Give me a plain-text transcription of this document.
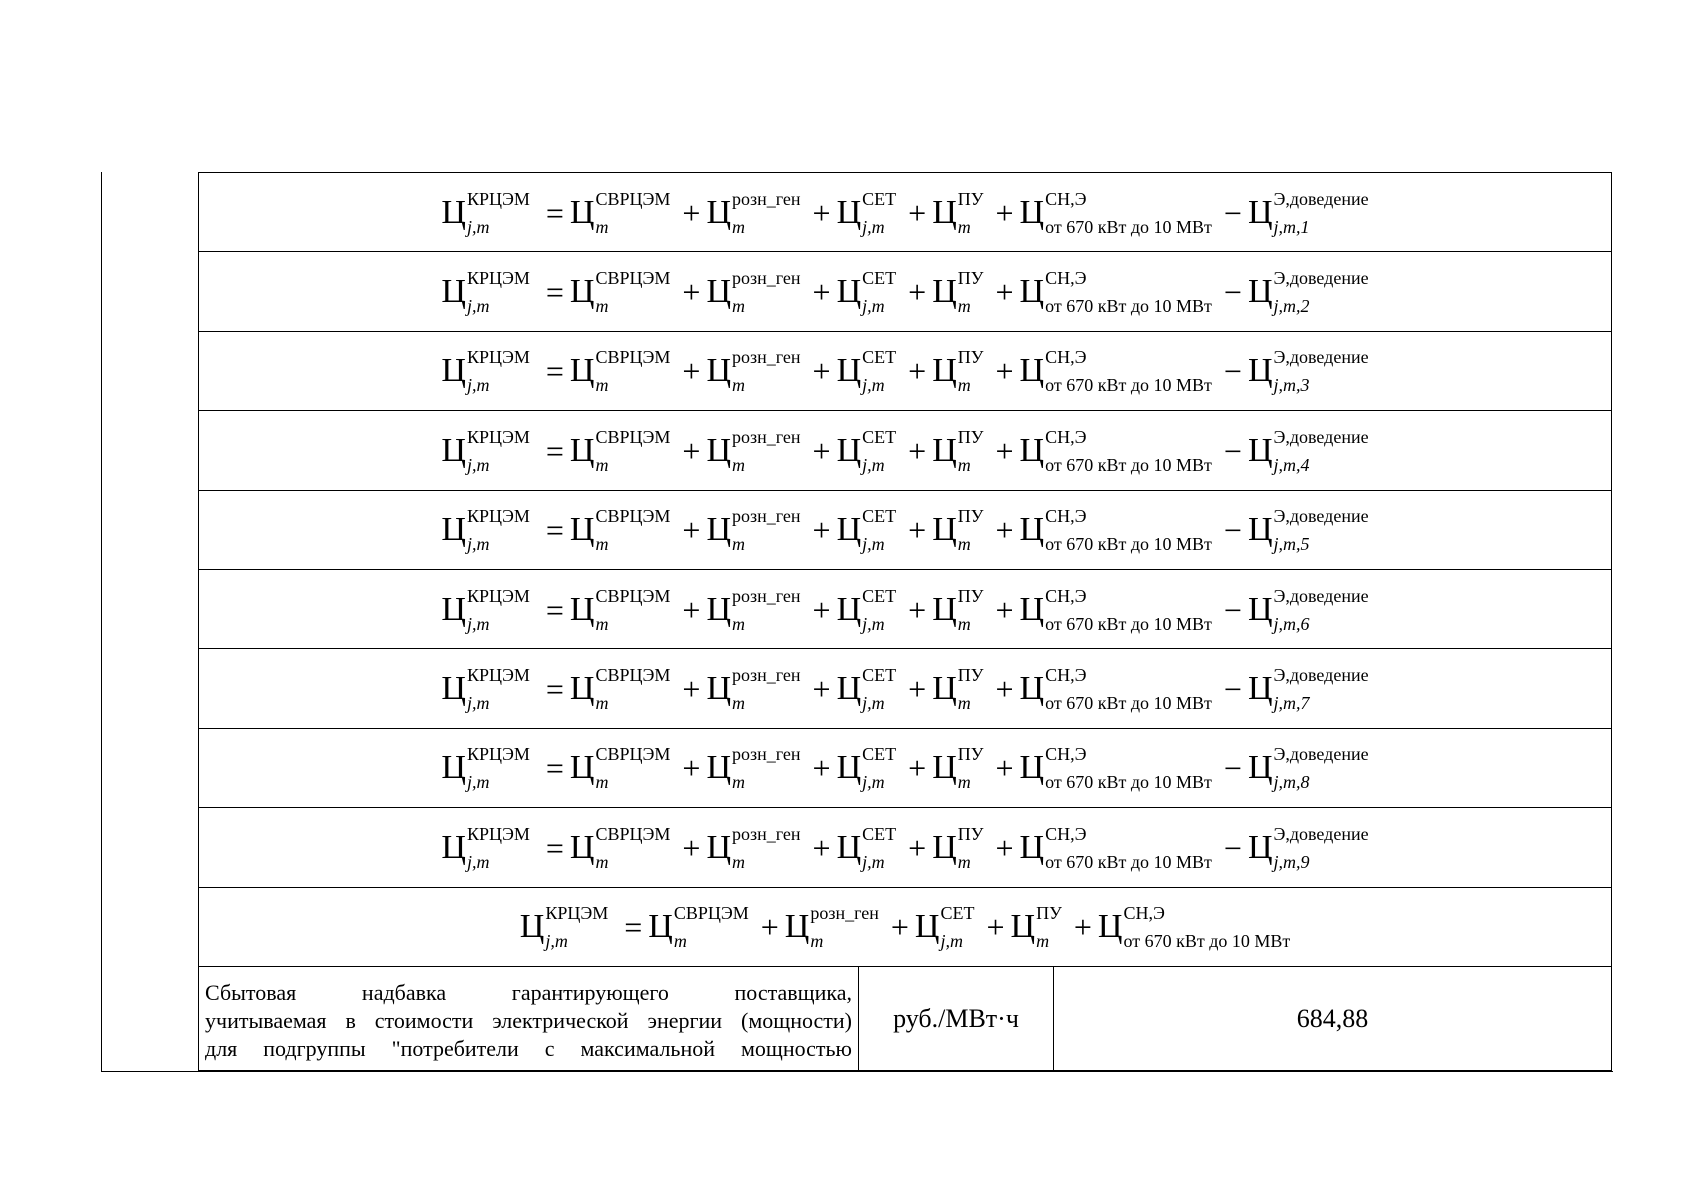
Ц КРЦЭМ
j,m	= Ц СВРЦЭМ
m	+ Ц розн_ген
m	+ Ц СЕТ
j,m + Ц ПУ
m + Ц СН,Э
от 670 кВт до 10 МВт − Ц Э,доведение
j,m,1
Ц КРЦЭМ
j,m	= Ц СВРЦЭМ
m	+ Ц розн_ген
m	+ Ц СЕТ
j,m + Ц ПУ
m + Ц СН,Э
от 670 кВт до 10 МВт − Ц Э,доведение
j,m,2
Ц КРЦЭМ
j,m	= Ц СВРЦЭМ
m	+ Ц розн_ген
m	+ Ц СЕТ
j,m + Ц ПУ
m + Ц СН,Э
от 670 кВт до 10 МВт − Ц Э,доведение
j,m,3
Ц КРЦЭМ
j,m	= Ц СВРЦЭМ
m	+ Ц розн_ген
m	+ Ц СЕТ
j,m + Ц ПУ
m + Ц СН,Э
от 670 кВт до 10 МВт − Ц Э,доведение
j,m,4
Ц КРЦЭМ
j,m	= Ц СВРЦЭМ
m	+ Ц розн_ген
m	+ Ц СЕТ
j,m + Ц ПУ
m + Ц СН,Э
от 670 кВт до 10 МВт − Ц Э,доведение
j,m,5
Ц КРЦЭМ
j,m	= Ц СВРЦЭМ
m	+ Ц розн_ген
m	+ Ц СЕТ
j,m + Ц ПУ
m + Ц СН,Э
от 670 кВт до 10 МВт − Ц Э,доведение
j,m,6
Ц КРЦЭМ
j,m	= Ц СВРЦЭМ
m	+ Ц розн_ген
m	+ Ц СЕТ
j,m + Ц ПУ
m + Ц СН,Э
от 670 кВт до 10 МВт − Ц Э,доведение
j,m,7
Ц КРЦЭМ
j,m	= Ц СВРЦЭМ
m	+ Ц розн_ген
m	+ Ц СЕТ
j,m + Ц ПУ
m + Ц СН,Э
от 670 кВт до 10 МВт − Ц Э,доведение
j,m,8
Ц КРЦЭМ
j,m	= Ц СВРЦЭМ
m	+ Ц розн_ген
m	+ Ц СЕТ
j,m + Ц ПУ
m + Ц СН,Э
от 670 кВт до 10 МВт − Ц Э,доведение
j,m,9
Ц КРЦЭМ
j,m	= Ц СВРЦЭМ
m	+ Ц розн_ген
m	+ Ц СЕТ
j,m + Ц ПУ
m + Ц СН,Э
от 670 кВт до 10 МВт
Сбытовая надбавка гарантирующего поставщика,
учитываемая в стоимости электрической энергии (мощности)
для подгруппы "потребители с максимальной мощностью
руб./МВт·ч	684,88
